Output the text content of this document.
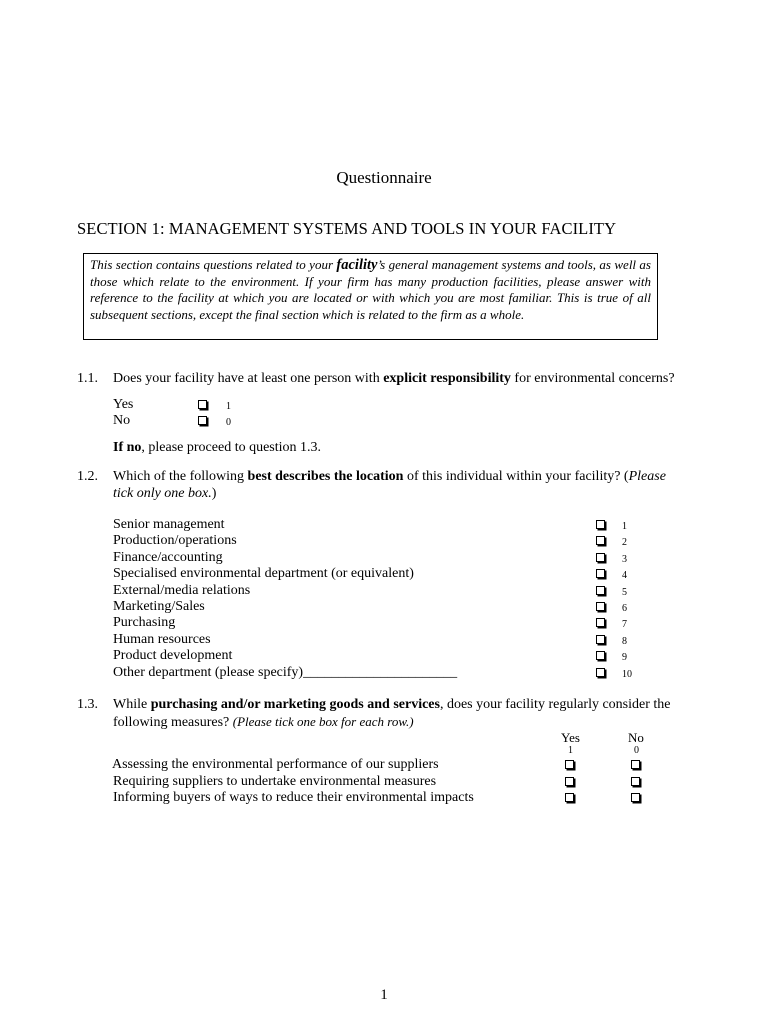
Questionnaire
SECTION 1: MANAGEMENT SYSTEMS AND TOOLS IN YOUR FACILITY
This section contains questions related to your facility’s general management systems and tools, as well as those which relate to the environment. If your firm has many production facilities, please answer with reference to the facility at which you are located or with which you are most familiar. This is true of all subsequent sections, except the final section which is related to the firm as a whole.
1.1. Does your facility have at least one person with explicit responsibility for environmental concerns?
Yes	1
No	0
If no, please proceed to question 1.3.
1.2. Which of the following best describes the location of this individual within your facility? (Please
tick only one box.)
Senior management	1
Production/operations	2
Finance/accounting	3
Specialised environmental department (or equivalent)	4
External/media relations	5
Marketing/Sales	6
Purchasing	7
Human resources	8
Product development	9
Other department (please specify)______________________	10
1.3. While purchasing and/or marketing goods and services, does your facility regularly consider the
following measures? (Please tick one box for each row.)
Yes	No
1	0
Assessing the environmental performance of our suppliers
Requiring suppliers to undertake environmental measures
Informing buyers of ways to reduce their environmental impacts
1
